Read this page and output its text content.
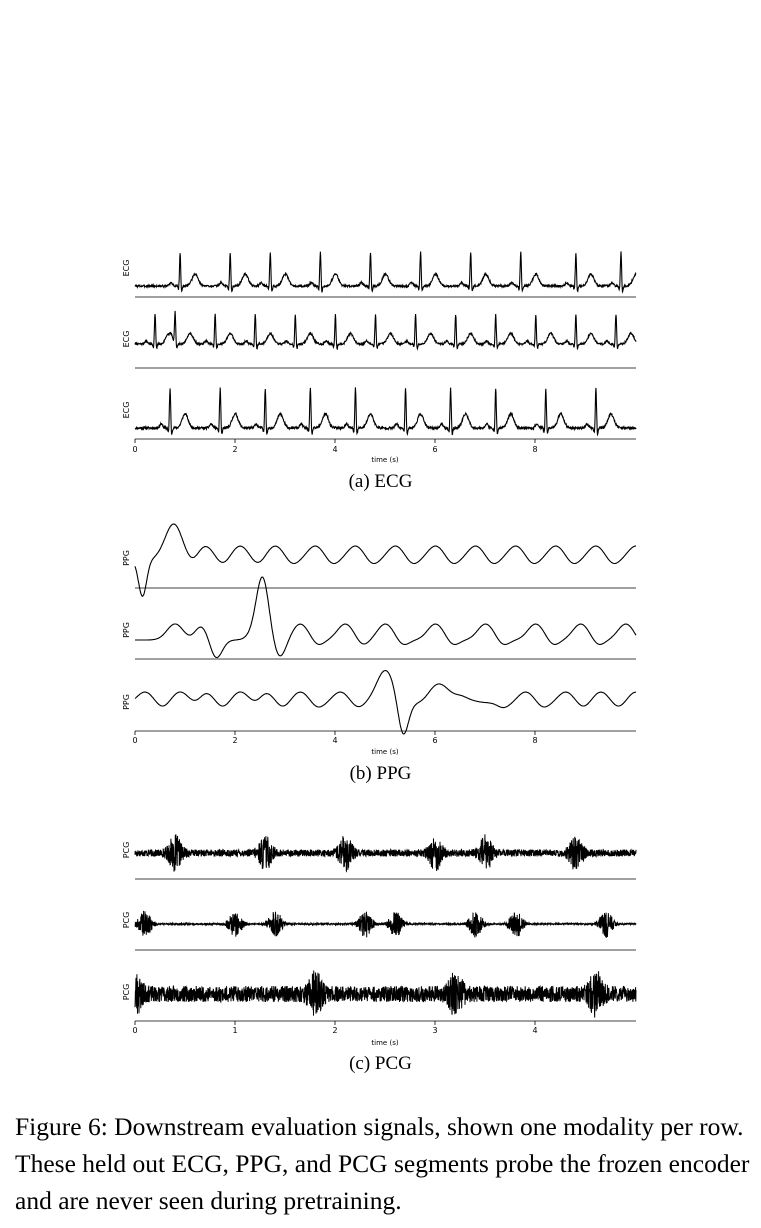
ECG
ECG
ECG
0	2	4	6	8
time (s)
PPG
PPG
PPG
0	2	4	6	8
time (s)
PCG
PCG
PCG
0	1	2	3	4
time (s)
(a) ECG
(b) PPG
(c) PCG
Figure 6: Downstream evaluation signals, shown one modality per row. These held out ECG, PPG, and PCG segments probe the frozen encoder and are never seen during pretraining.
